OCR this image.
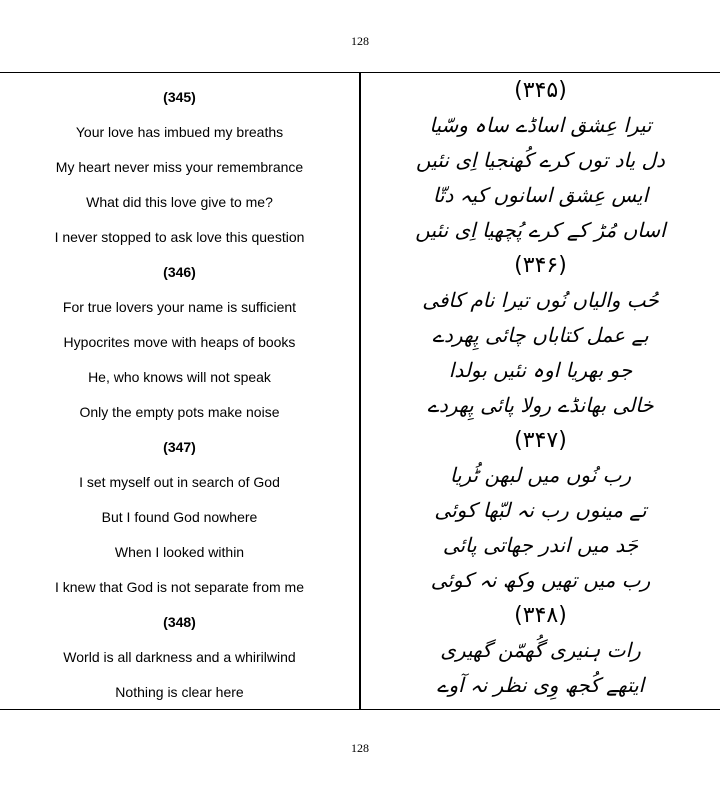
128
(345)
Your love has imbued my breaths
My heart never miss your remembrance
What did this love give to me?
I never stopped to ask love this question
(346)
For true lovers your name is sufficient
Hypocrites move with heaps of books
He, who knows will not speak
Only the empty pots make noise
(347)
I set myself out in search of God
But I found God nowhere
When I looked within
I knew that God is not separate from me
(348)
World is all darkness and a whirilwind
Nothing is clear here
(۳۴۵)
تیرا عِشق اساڈے ساہ وسّیا
دل یاد توں کرے کُھنجیا اِی نئیں
ایس عِشق اسانوں کیہ دتّا
اساں مُڑ کے کرے پُچھیا اِی نئیں
(۳۴۶)
حُب والیاں نُوں تیرا نام کافی
بے عمل کتاباں چائی پِھردے
جو بھریا اوہ نئیں بولدا
خالی بھانڈے رولا پائی پِھردے
(۳۴۷)
رب نُوں میں لبھن ٹُریا
تے مینوں رب نہ لبّھا کوئی
جَد میں اندر جھاتی پائی
رب میں تھیں وکھ نہ کوئی
(۳۴۸)
رات ہنیری گُھمّن گھیری
ایتھے کُجھ وِی نظر نہ آوے
128
